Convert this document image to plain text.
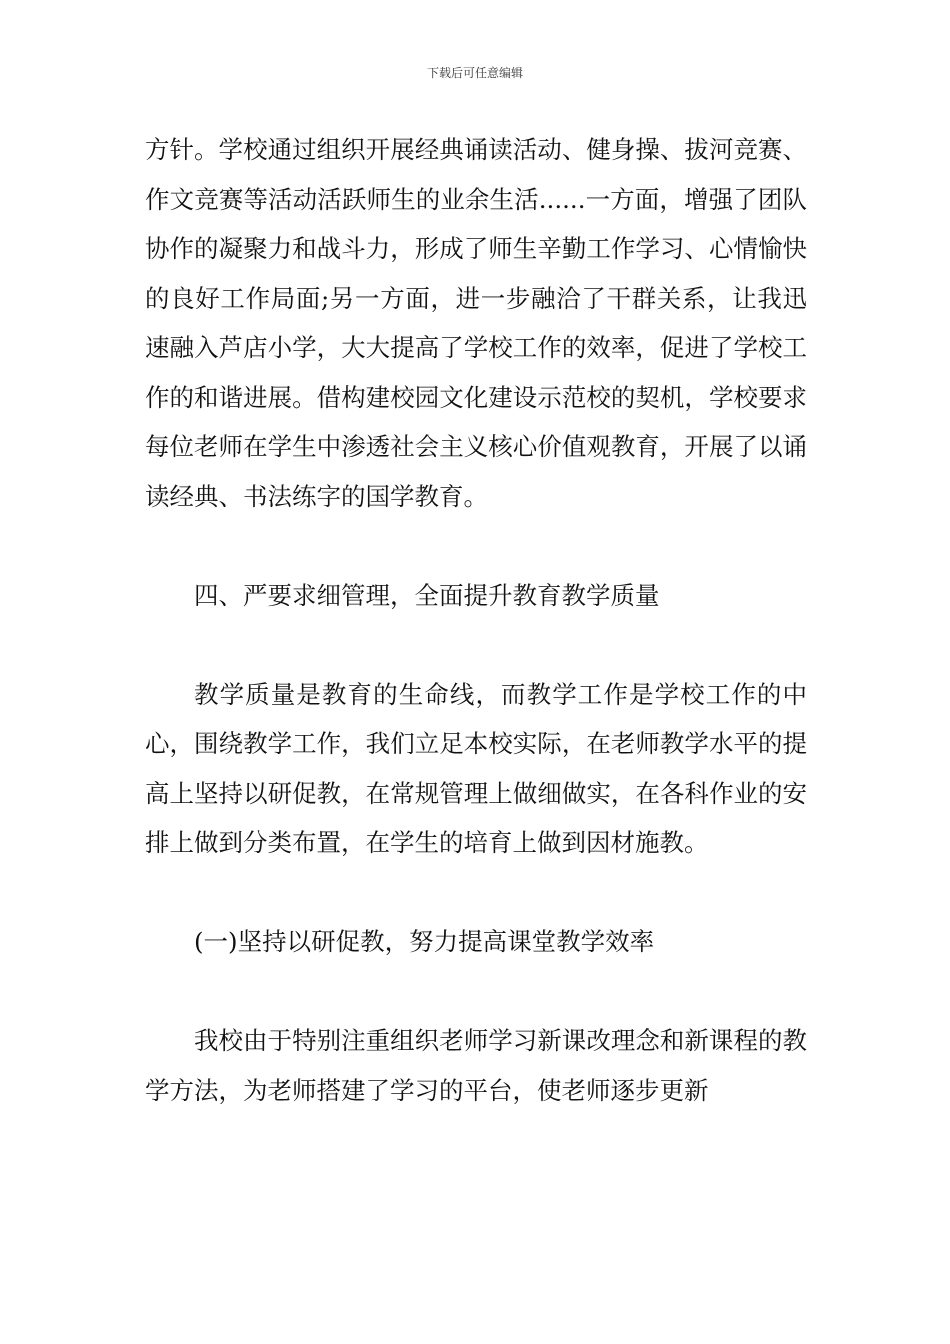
下载后可任意编辑

方针。学校通过组织开展经典诵读活动、健身操、拔河竞赛、作文竞赛等活动活跃师生的业余生活......一方面，增强了团队协作的凝聚力和战斗力，形成了师生辛勤工作学习、心情愉快的良好工作局面;另一方面，进一步融洽了干群关系，让我迅速融入芦店小学，大大提高了学校工作的效率，促进了学校工作的和谐进展。借构建校园文化建设示范校的契机，学校要求每位老师在学生中渗透社会主义核心价值观教育，开展了以诵读经典、书法练字的国学教育。

四、严要求细管理，全面提升教育教学质量

教学质量是教育的生命线，而教学工作是学校工作的中心，围绕教学工作，我们立足本校实际，在老师教学水平的提高上坚持以研促教，在常规管理上做细做实，在各科作业的安排上做到分类布置，在学生的培育上做到因材施教。

(一)坚持以研促教，努力提高课堂教学效率

我校由于特别注重组织老师学习新课改理念和新课程的教学方法，为老师搭建了学习的平台，使老师逐步更新
